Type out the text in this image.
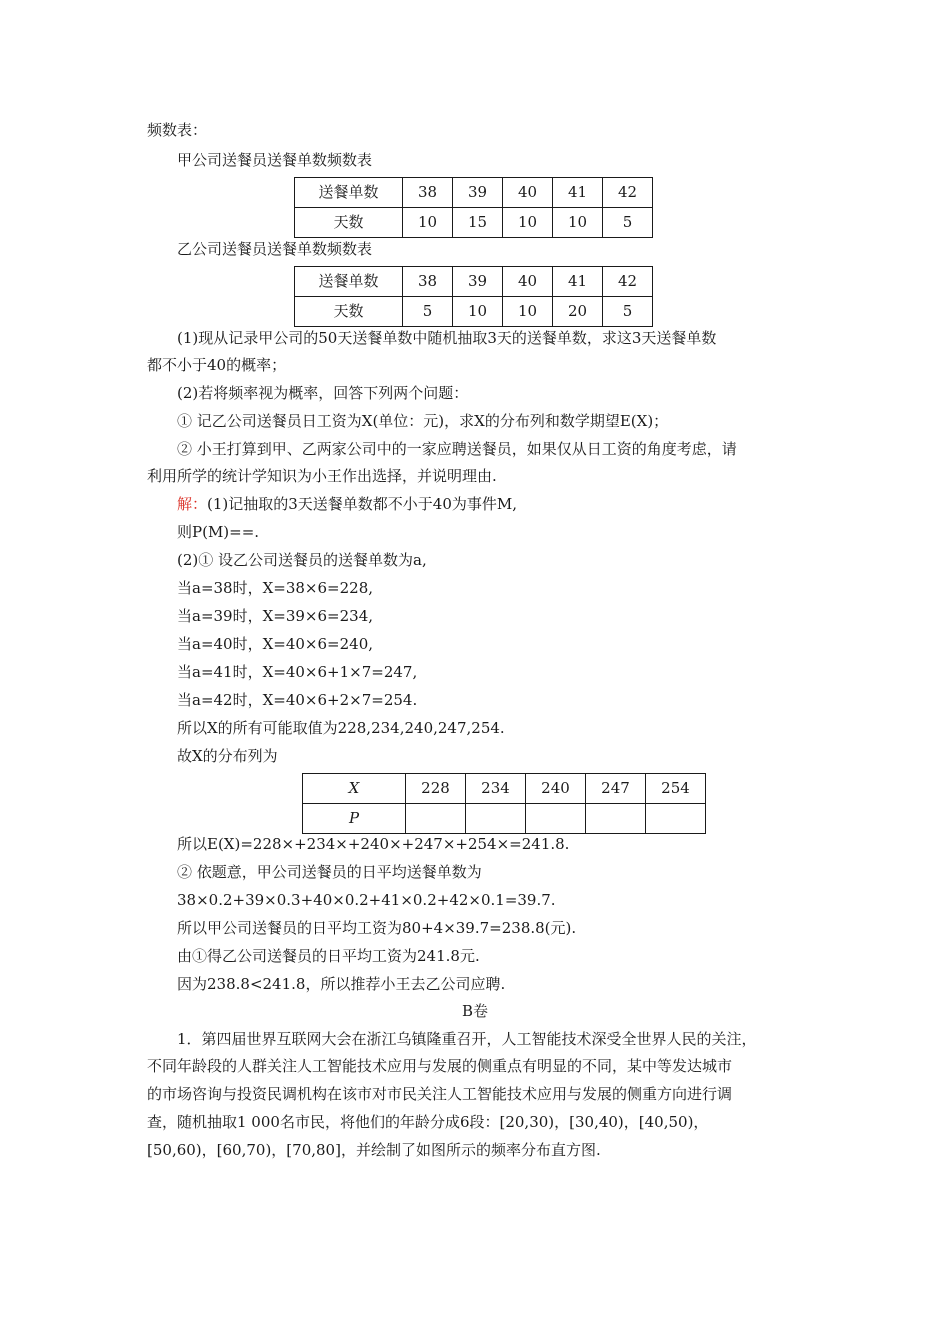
频数表：
甲公司送餐员送餐单数频数表
送餐单数	38	39	40	41	42
天数	10	15	10	10	5
乙公司送餐员送餐单数频数表
送餐单数	38	39	40	41	42
天数	5	10	10	20	5
(1)现从记录甲公司的50天送餐单数中随机抽取3天的送餐单数，求这3天送餐单数
都不小于40的概率；
(2)若将频率视为概率，回答下列两个问题：
① 记乙公司送餐员日工资为X(单位：元)，求X的分布列和数学期望E(X)；
② 小王打算到甲、乙两家公司中的一家应聘送餐员，如果仅从日工资的角度考虑，请
利用所学的统计学知识为小王作出选择，并说明理由.
解：(1)记抽取的3天送餐单数都不小于40为事件M,
则P(M)==.
(2)① 设乙公司送餐员的送餐单数为a,
当a=38时，X=38×6=228,
当a=39时，X=39×6=234,
当a=40时，X=40×6=240,
当a=41时，X=40×6+1×7=247,
当a=42时，X=40×6+2×7=254.
所以X的所有可能取值为228,234,240,247,254.
故X的分布列为
X	228	234	240	247	254
P					
所以E(X)=228×+234×+240×+247×+254×=241.8.
② 依题意，甲公司送餐员的日平均送餐单数为
38×0.2+39×0.3+40×0.2+41×0.2+42×0.1=39.7.
所以甲公司送餐员的日平均工资为80+4×39.7=238.8(元).
由①得乙公司送餐员的日平均工资为241.8元.
因为238.8<241.8，所以推荐小王去乙公司应聘.
B卷
1．第四届世界互联网大会在浙江乌镇隆重召开，人工智能技术深受全世界人民的关注，
不同年龄段的人群关注人工智能技术应用与发展的侧重点有明显的不同，某中等发达城市
的市场咨询与投资民调机构在该市对市民关注人工智能技术应用与发展的侧重方向进行调
查，随机抽取1 000名市民，将他们的年龄分成6段：[20,30)，[30,40)，[40,50)，
[50,60)，[60,70)，[70,80]，并绘制了如图所示的频率分布直方图.
